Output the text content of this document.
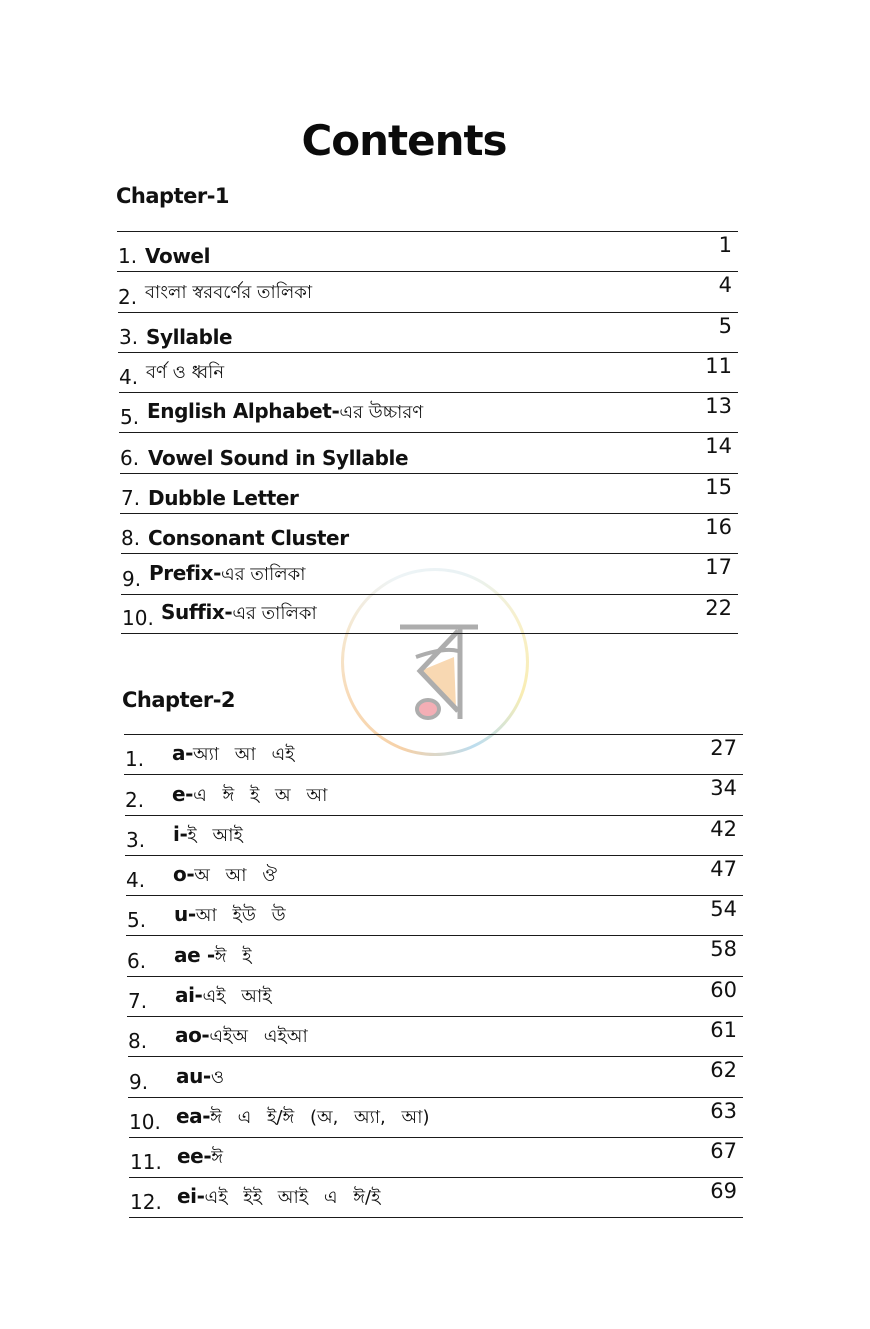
Contents
Chapter-1
1. Vowel	1
2. বাংলা স্বরবর্ণের তালিকা	4
3. Syllable	5
4. বর্ণ ও ধ্বনি	11
5. English Alphabet-এর উচ্চারণ	13
6. Vowel Sound in Syllable	14
7. Dubble Letter	15
8. Consonant Cluster	16
9. Prefix-এর তালিকা	17
10. Suffix-এর তালিকা	22
Chapter-2
1. a-অ্যা আ এই	27
2. e-এ ঈ ই অ আ	34
3. i-ই আই	42
4. o-অ আ ঔ	47
5. u-আ ইউ উ	54
6. ae -ঈ ই	58
7. ai-এই আই	60
8. ao-এইঅ এইআ	61
9. au-ও	62
10. ea-ঈ এ ই/ঈ (অ, অ্যা, আ)	63
11. ee-ঈ	67
12. ei-এই ইই আই এ ঈ/ই	69
